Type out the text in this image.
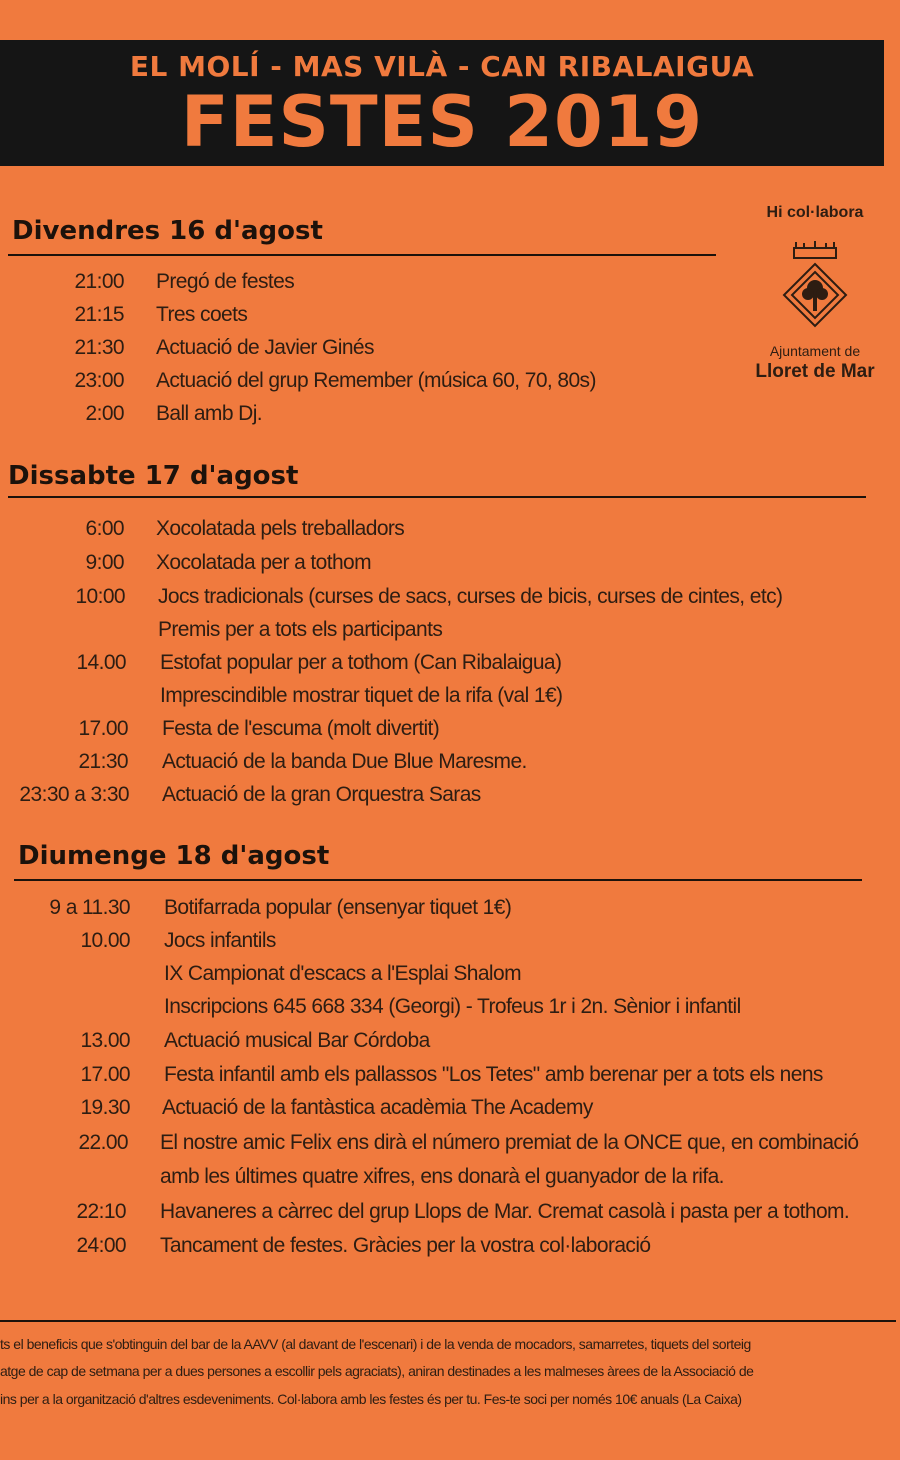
EL MOLÍ - MAS VILÀ - CAN RIBALAIGUA
FESTES 2019
Hi col·labora
Ajuntament de
Lloret de Mar
Divendres 16 d'agost
21:00 Pregó de festes
21:15 Tres coets
21:30 Actuació de Javier Ginés
23:00 Actuació del grup Remember (música 60, 70, 80s)
2:00 Ball amb Dj.
Dissabte 17 d'agost
6:00 Xocolatada pels treballadors
9:00 Xocolatada per a tothom
10:00 Jocs tradicionals (curses de sacs, curses de bicis, curses de cintes, etc)
Premis per a tots els participants
14.00 Estofat popular per a tothom (Can Ribalaigua)
Imprescindible mostrar tiquet de la rifa (val 1€)
17.00 Festa de l'escuma (molt divertit)
21:30 Actuació de la banda Due Blue Maresme.
23:30 a 3:30 Actuació de la gran Orquestra Saras
Diumenge 18 d'agost
9 a 11.30 Botifarrada popular (ensenyar tiquet 1€)
10.00 Jocs infantils
IX Campionat d'escacs a l'Esplai Shalom
Inscripcions 645 668 334 (Georgi) - Trofeus 1r i 2n. Sènior i infantil
13.00 Actuació musical Bar Córdoba
17.00 Festa infantil amb els pallassos "Los Tetes" amb berenar per a tots els nens
19.30 Actuació de la fantàstica acadèmia The Academy
22.00 El nostre amic Felix ens dirà el número premiat de la ONCE que, en combinació
amb les últimes quatre xifres, ens donarà el guanyador de la rifa.
22:10 Havaneres a càrrec del grup Llops de Mar. Cremat casolà i pasta per a tothom.
24:00 Tancament de festes. Gràcies per la vostra col·laboració
ts el beneficis que s'obtinguin del bar de la AAVV (al davant de l'escenari) i de la venda de mocadors, samarretes, tiquets del sorteig
atge de cap de setmana per a dues persones a escollir pels agraciats), aniran destinades a les malmeses àrees de la Associació de
ins per a la organització d'altres esdeveniments. Col·labora amb les festes és per tu. Fes-te soci per només 10€ anuals (La Caixa)
